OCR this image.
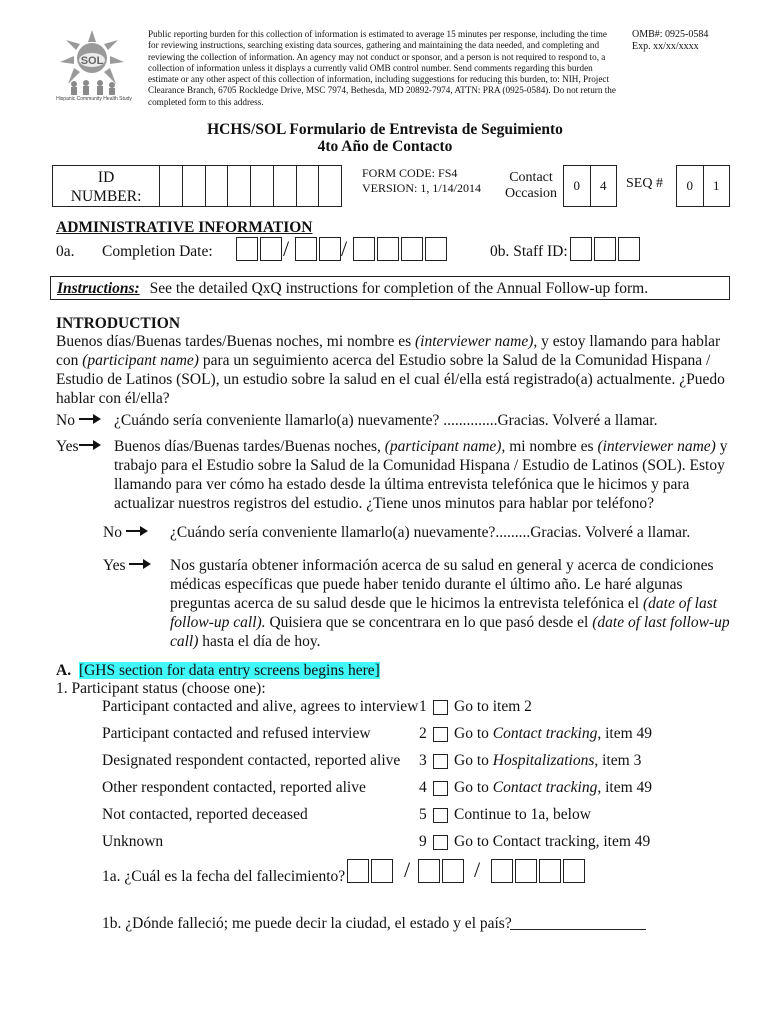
SOL
Hispanic Community Health Study
Public reporting burden for this collection of information is estimated to average 15 minutes per response, including the time for reviewing instructions, searching existing data sources, gathering and maintaining the data needed, and completing and reviewing the collection of information. An agency may not conduct or sponsor, and a person is not required to respond to, a collection of information unless it displays a currently valid OMB control number. Send comments regarding this burden estimate or any other aspect of this collection of information, including suggestions for reducing this burden, to: NIH, Project Clearance Branch, 6705 Rockledge Drive, MSC 7974, Bethesda, MD 20892-7974, ATTN: PRA (0925-0584). Do not return the completed form to this address.
OMB#: 0925-0584
Exp. xx/xx/xxxx
HCHS/SOL Formulario de Entrevista de Seguimiento
4to Año de Contacto
ID
NUMBER:
FORM CODE: FS4
VERSION: 1, 1/14/2014
Contact
Occasion
0	4	SEQ #	0	1
ADMINISTRATIVE INFORMATION
0a. Completion Date:	/ /	0b. Staff ID:
Instructions: See the detailed QxQ instructions for completion of the Annual Follow-up form.
INTRODUCTION
Buenos días/Buenas tardes/Buenas noches, mi nombre es (interviewer name), y estoy llamando para hablar
con (participant name) para un seguimiento acerca del Estudio sobre la Salud de la Comunidad Hispana /
Estudio de Latinos (SOL), un estudio sobre la salud en el cual él/ella está registrado(a) actualmente. ¿Puedo
hablar con él/ella?
No	¿Cuándo sería conveniente llamarlo(a) nuevamente? ..............Gracias. Volveré a llamar.
Yes	Buenos días/Buenas tardes/Buenas noches, (participant name), mi nombre es (interviewer name) y
trabajo para el Estudio sobre la Salud de la Comunidad Hispana / Estudio de Latinos (SOL). Estoy
llamando para ver cómo ha estado desde la última entrevista telefónica que le hicimos y para
actualizar nuestros registros del estudio. ¿Tiene unos minutos para hablar por teléfono?
No	¿Cuándo sería conveniente llamarlo(a) nuevamente?.........Gracias. Volveré a llamar.
Yes	Nos gustaría obtener información acerca de su salud en general y acerca de condiciones
médicas específicas que puede haber tenido durante el último año. Le haré algunas
preguntas acerca de su salud desde que le hicimos la entrevista telefónica el (date of last
follow-up call). Quisiera que se concentrara en lo que pasó desde el (date of last follow-up
call) hasta el día de hoy.
A. [GHS section for data entry screens begins here]
1. Participant status (choose one):
Participant contacted and alive, agrees to interview 1 Go to item 2
Participant contacted and refused interview	2 Go to Contact tracking, item 49
Designated respondent contacted, reported alive 3 Go to Hospitalizations, item 3
Other respondent contacted, reported alive	4 Go to Contact tracking, item 49
Not contacted, reported deceased	5 Continue to 1a, below
Unknown	9 Go to Contact tracking, item 49
1a. ¿Cuál es la fecha del fallecimiento?	/	/
1b. ¿Dónde falleció; me puede decir la ciudad, el estado y el país?
